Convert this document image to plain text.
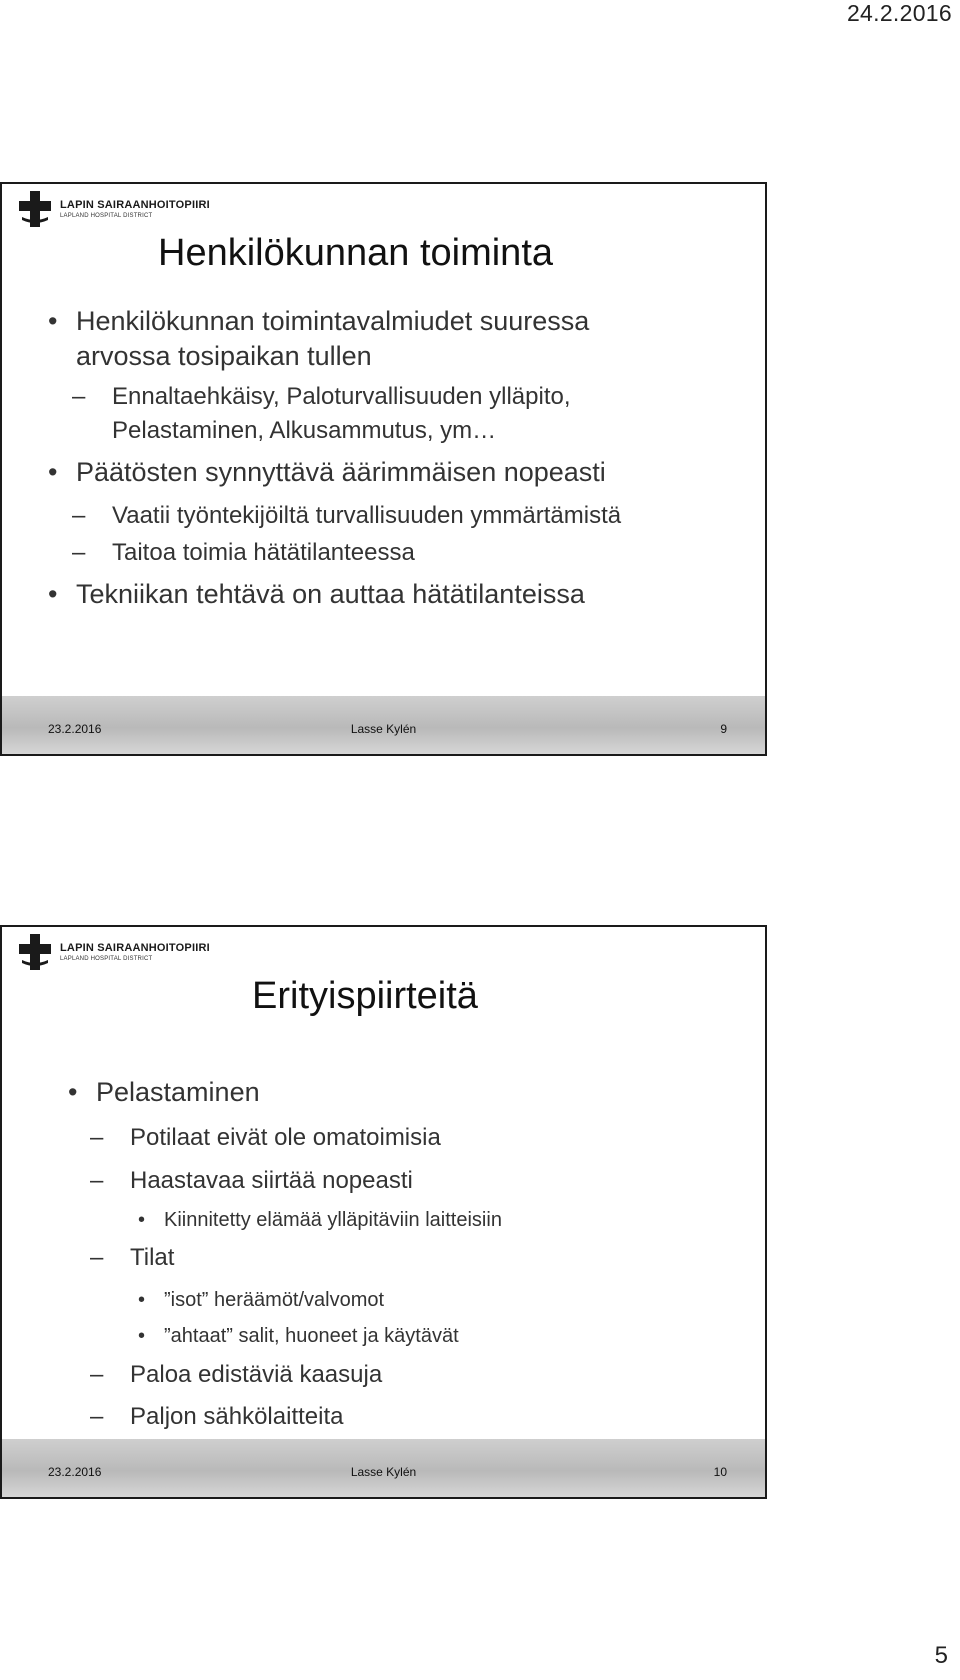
24.2.2016
LAPIN SAIRAANHOITOPIIRI
LAPLAND HOSPITAL DISTRICT
Henkilökunnan toiminta
• Henkilökunnan toimintavalmiudet suuressa
arvossa tosipaikan tullen
– Ennaltaehkäisy, Paloturvallisuuden ylläpito,
Pelastaminen, Alkusammutus, ym…
• Päätösten synnyttävä äärimmäisen nopeasti
– Vaatii työntekijöiltä turvallisuuden ymmärtämistä
– Taitoa toimia hätätilanteessa
• Tekniikan tehtävä on auttaa hätätilanteissa
23.2.2016	Lasse Kylén	9
LAPIN SAIRAANHOITOPIIRI
LAPLAND HOSPITAL DISTRICT
Erityispiirteitä
• Pelastaminen
– Potilaat eivät ole omatoimisia
– Haastavaa siirtää nopeasti
• Kiinnitetty elämää ylläpitäviin laitteisiin
– Tilat
• ”isot” heräämöt/valvomot
• ”ahtaat” salit, huoneet ja käytävät
– Paloa edistäviä kaasuja
– Paljon sähkölaitteita
23.2.2016	Lasse Kylén	10
5
